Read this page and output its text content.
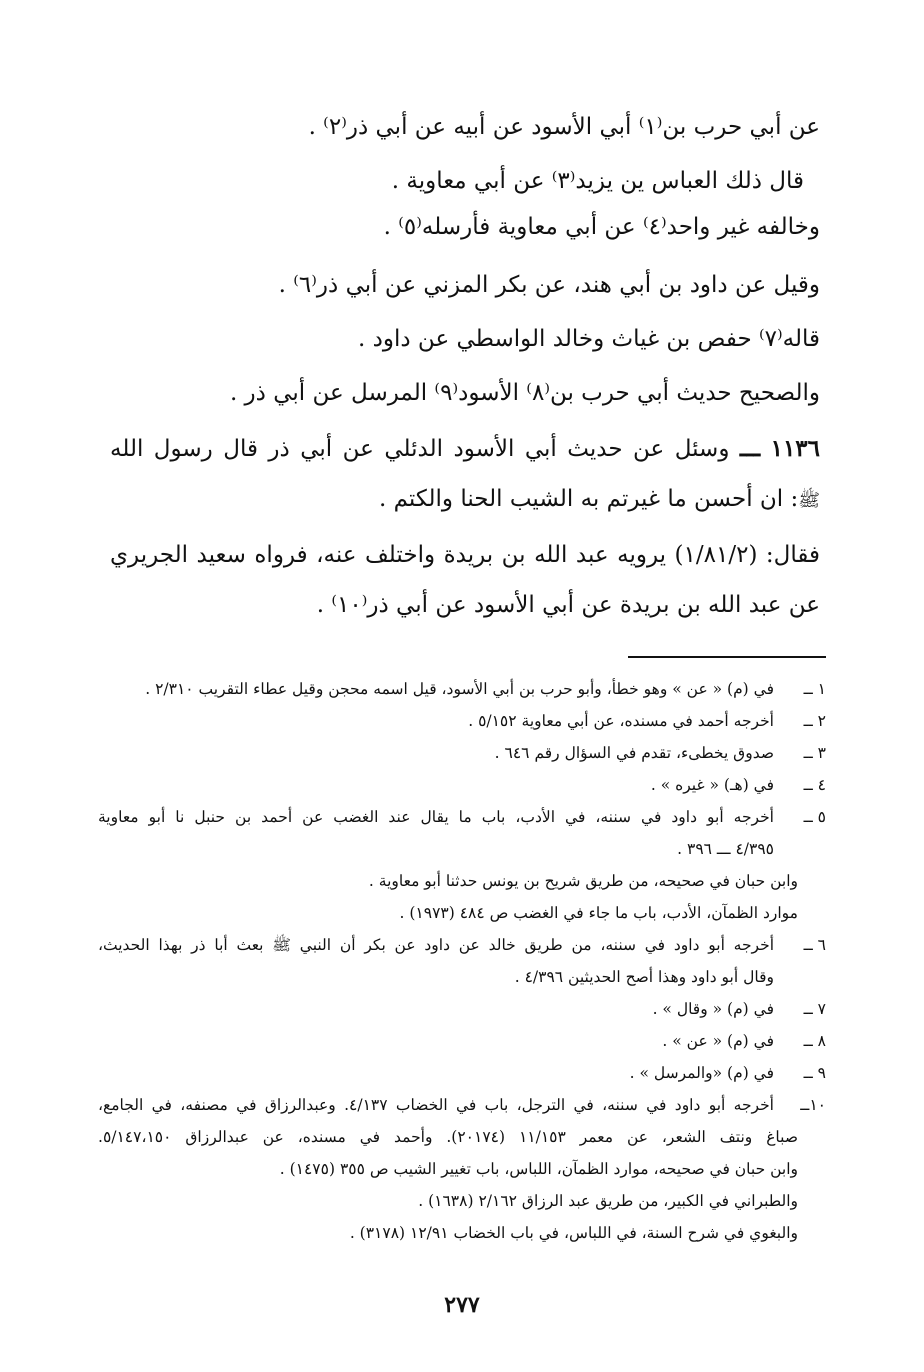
عن أبي حرب بن⁽١⁾ أبي الأسود عن أبيه عن أبي ذر⁽٢⁾ .
قال ذلك العباس ين يزيد⁽٣⁾ عن أبي معاوية .
وخالفه غير واحد⁽٤⁾ عن أبي معاوية فأرسله⁽٥⁾ .
وقيل عن داود بن أبي هند، عن بكر المزني عن أبي ذر⁽٦⁾ .
قاله⁽٧⁾ حفص بن غياث وخالد الواسطي عن داود .
والصحيح حديث أبي حرب بن⁽٨⁾ الأسود⁽٩⁾ المرسل عن أبي ذر .
١١٣٦ ـــ وسئل عن حديث أبي الأسود الدئلي عن أبي ذر قال رسول الله
ﷺ: ان أحسن ما غيرتم به الشيب الحنا والكتم .
فقال: (١/٨١/٢) يرويه عبد الله بن بريدة واختلف عنه، فرواه سعيد الجريري
عن عبد الله بن بريدة عن أبي الأسود عن أبي ذر⁽١٠⁾ .
١ ــ
في (م) « عن » وهو خطأ، وأبو حرب بن أبي الأسود، قيل اسمه محجن وقيل عطاء التقريب ٢/٣١٠ .
٢ ــ
أخرجه أحمد في مسنده، عن أبي معاوية ٥/١٥٢ .
٣ ــ
صدوق يخطىء، تقدم في السؤال رقم ٦٤٦ .
٤ ــ
في (هـ) « غيره » .
٥ ــ
أخرجه أبو داود في سننه، في الأدب، باب ما يقال عند الغضب عن أحمد بن حنبل نا أبو معاوية
٤/٣٩٥ ـــ ٣٩٦ .
وابن حبان في صحيحه، من طريق شريح بن يونس حدثنا أبو معاوية .
موارد الظمآن، الأدب، باب ما جاء في الغضب ص ٤٨٤ (١٩٧٣) .
٦ ــ
أخرجه أبو داود في سننه، من طريق خالد عن داود عن بكر أن النبي ﷺ بعث أبا ذر بهذا الحديث،
وقال أبو داود وهذا أصح الحديثين ٤/٣٩٦ .
٧ ــ
في (م) « وقال » .
٨ ــ
في (م) « عن » .
٩ ــ
في (م) «والمرسل » .
١٠ــ
أخرجه أبو داود في سننه، في الترجل، باب في الخضاب ٤/١٣٧. وعبدالرزاق في مصنفه، في الجامع،
صباغ ونتف الشعر، عن معمر ١١/١٥٣ (٢٠١٧٤). وأحمد في مسنده، عن عبدالرزاق ٥/١٤٧،١٥٠.
وابن حبان في صحيحه، موارد الظمآن، اللباس، باب تغيير الشيب ص ٣٥٥ (١٤٧٥) .
والطبراني في الكبير، من طريق عبد الرزاق ٢/١٦٢ (١٦٣٨) .
والبغوي في شرح السنة، في اللباس، في باب الخضاب ١٢/٩١ (٣١٧٨) .
٢٧٧
